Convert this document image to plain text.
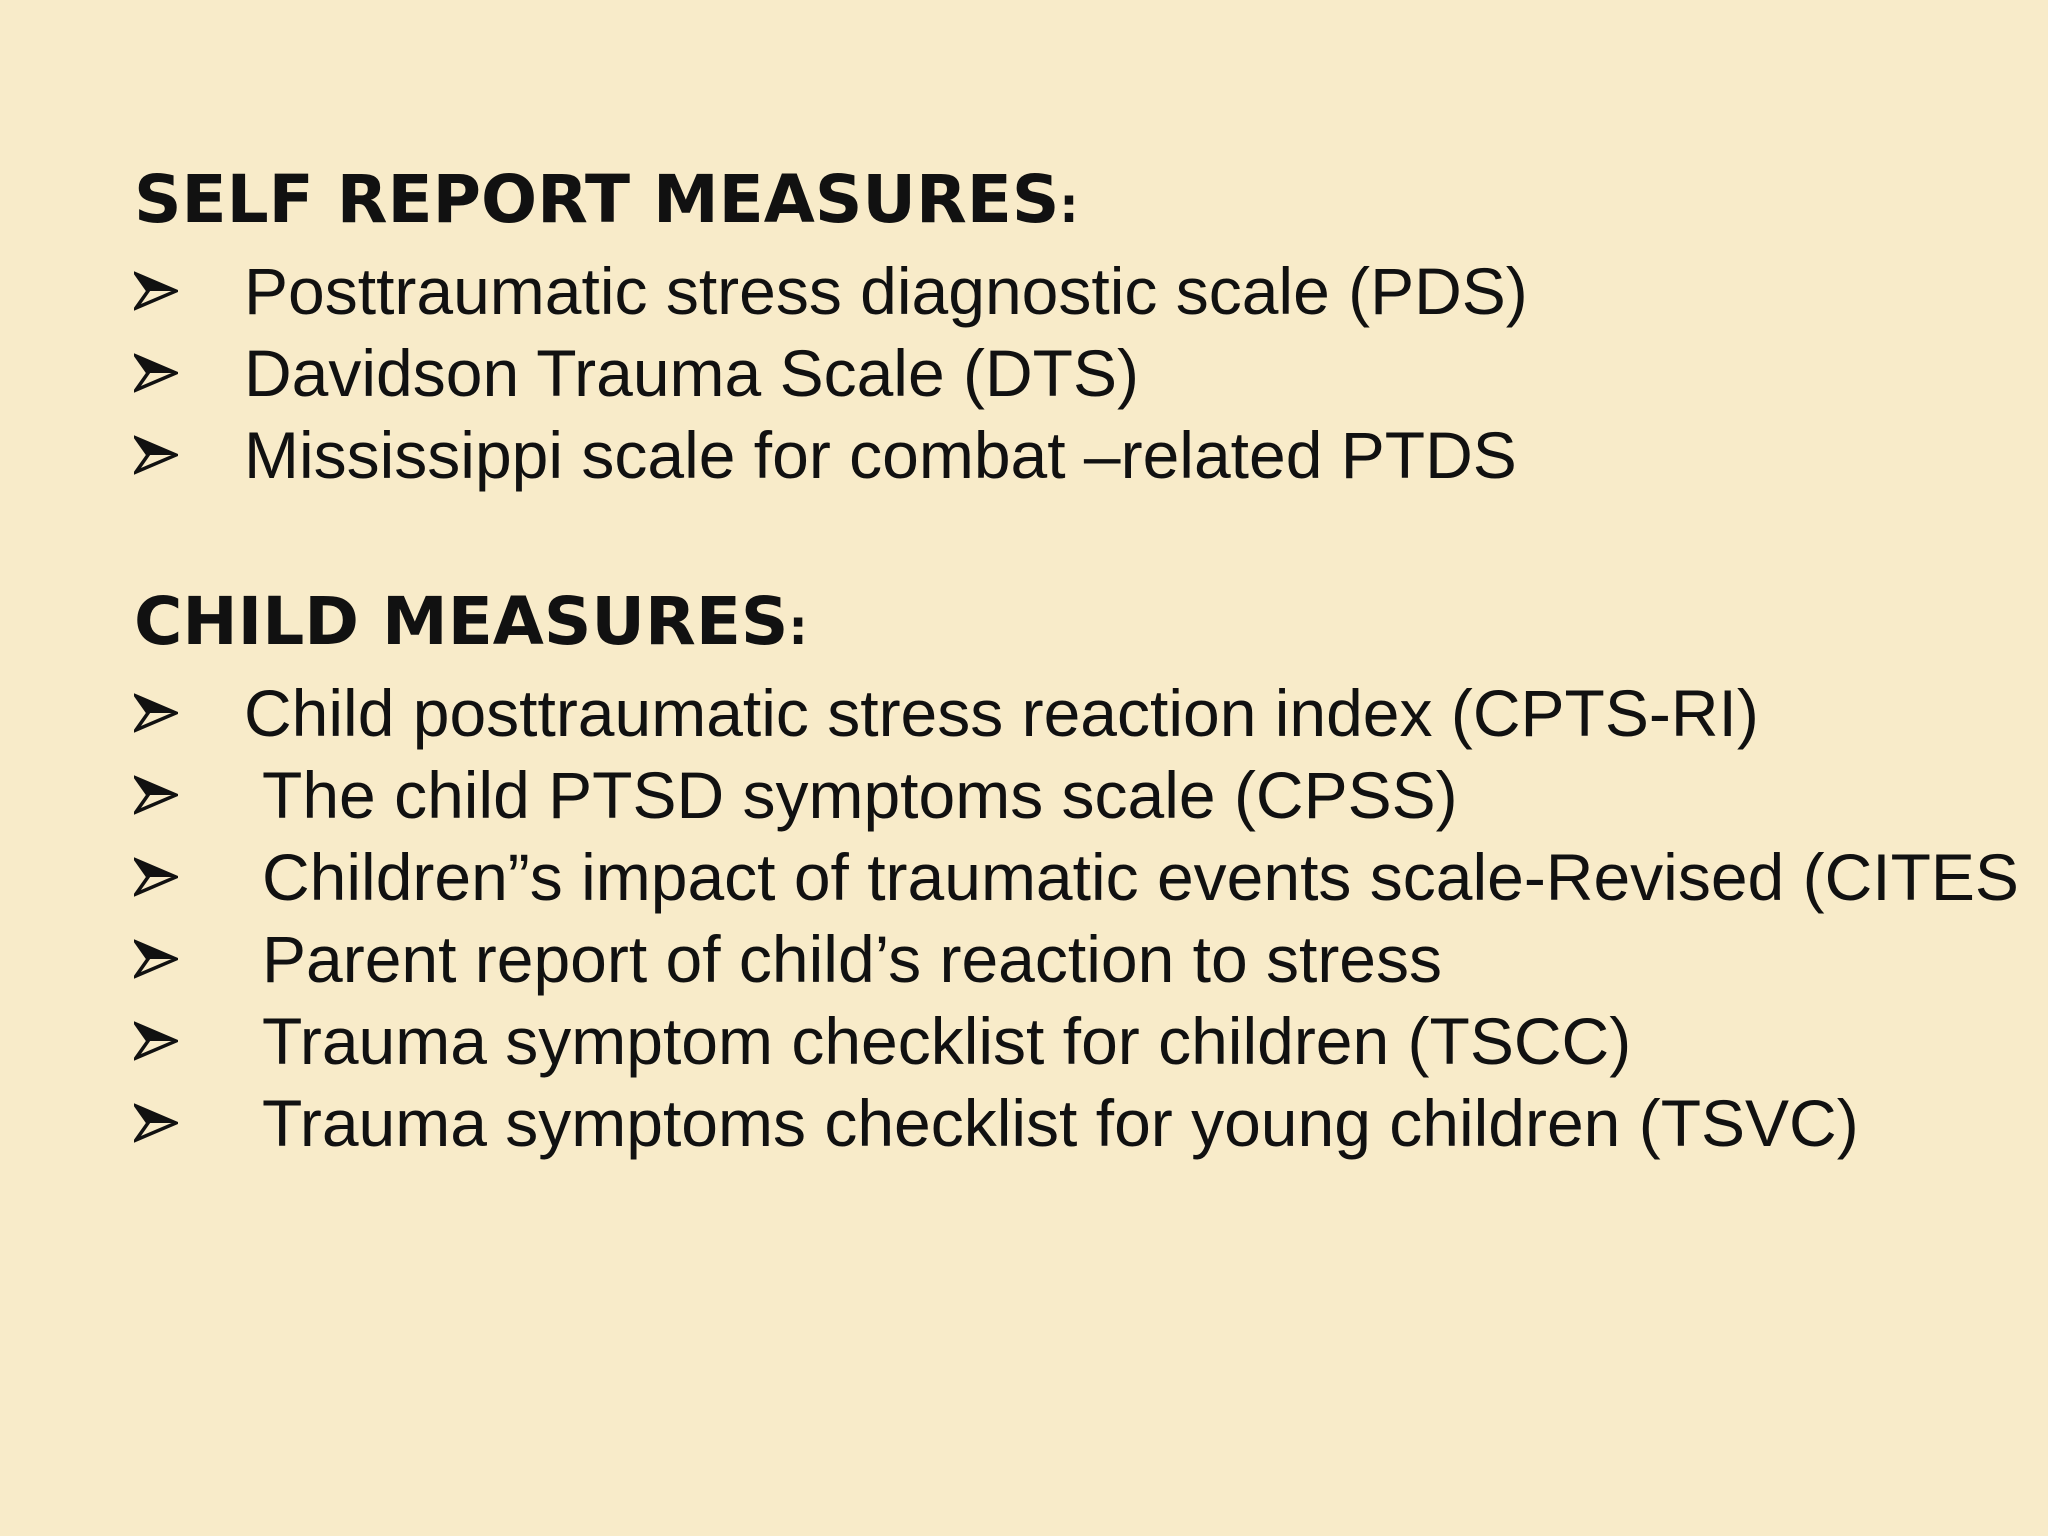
SELF REPORT MEASURES:
Posttraumatic stress diagnostic scale (PDS)
Davidson Trauma Scale (DTS)
Mississippi scale for combat –related PTDS
CHILD MEASURES:
Child posttraumatic stress reaction index (CPTS-RI)
The child PTSD symptoms scale (CPSS)
Children”s impact of traumatic events scale-Revised (CITES
Parent report of child’s reaction to stress
Trauma symptom checklist for children (TSCC)
Trauma symptoms checklist for young children (TSVC)
